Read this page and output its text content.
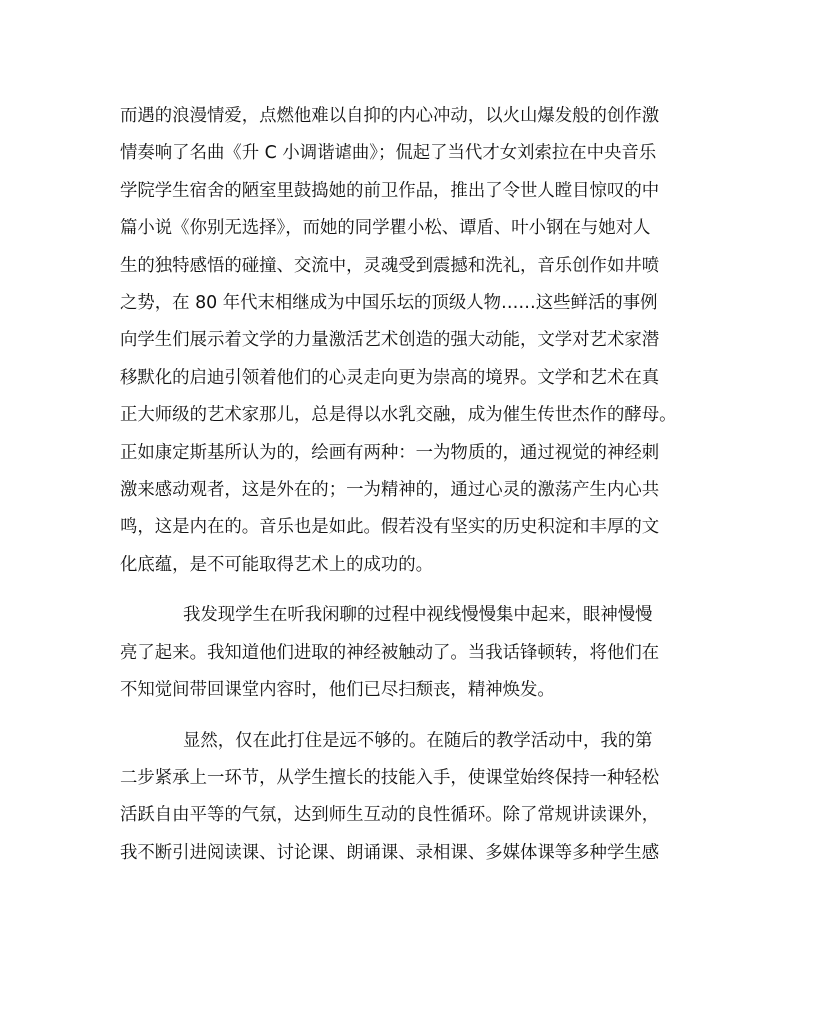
而遇的浪漫情爱，点燃他难以自抑的内心冲动，以火山爆发般的创作激
情奏响了名曲《升 C 小调谐谑曲》；侃起了当代才女刘索拉在中央音乐
学院学生宿舍的陋室里鼓捣她的前卫作品，推出了令世人瞠目惊叹的中
篇小说《你别无选择》，而她的同学瞿小松、谭盾、叶小钢在与她对人
生的独特感悟的碰撞、交流中，灵魂受到震撼和洗礼，音乐创作如井喷
之势，在 80 年代末相继成为中国乐坛的顶级人物……这些鲜活的事例
向学生们展示着文学的力量激活艺术创造的强大动能，文学对艺术家潜
移默化的启迪引领着他们的心灵走向更为崇高的境界。文学和艺术在真
正大师级的艺术家那儿，总是得以水乳交融，成为催生传世杰作的酵母。
正如康定斯基所认为的，绘画有两种：一为物质的，通过视觉的神经刺
激来感动观者，这是外在的；一为精神的，通过心灵的激荡产生内心共
鸣，这是内在的。音乐也是如此。假若没有坚实的历史积淀和丰厚的文
化底蕴，是不可能取得艺术上的成功的。
我发现学生在听我闲聊的过程中视线慢慢集中起来，眼神慢慢
亮了起来。我知道他们进取的神经被触动了。当我话锋顿转，将他们在
不知觉间带回课堂内容时，他们已尽扫颓丧，精神焕发。
显然，仅在此打住是远不够的。在随后的教学活动中，我的第
二步紧承上一环节，从学生擅长的技能入手，使课堂始终保持一种轻松
活跃自由平等的气氛，达到师生互动的良性循环。除了常规讲读课外，
我不断引进阅读课、讨论课、朗诵课、录相课、多媒体课等多种学生感
